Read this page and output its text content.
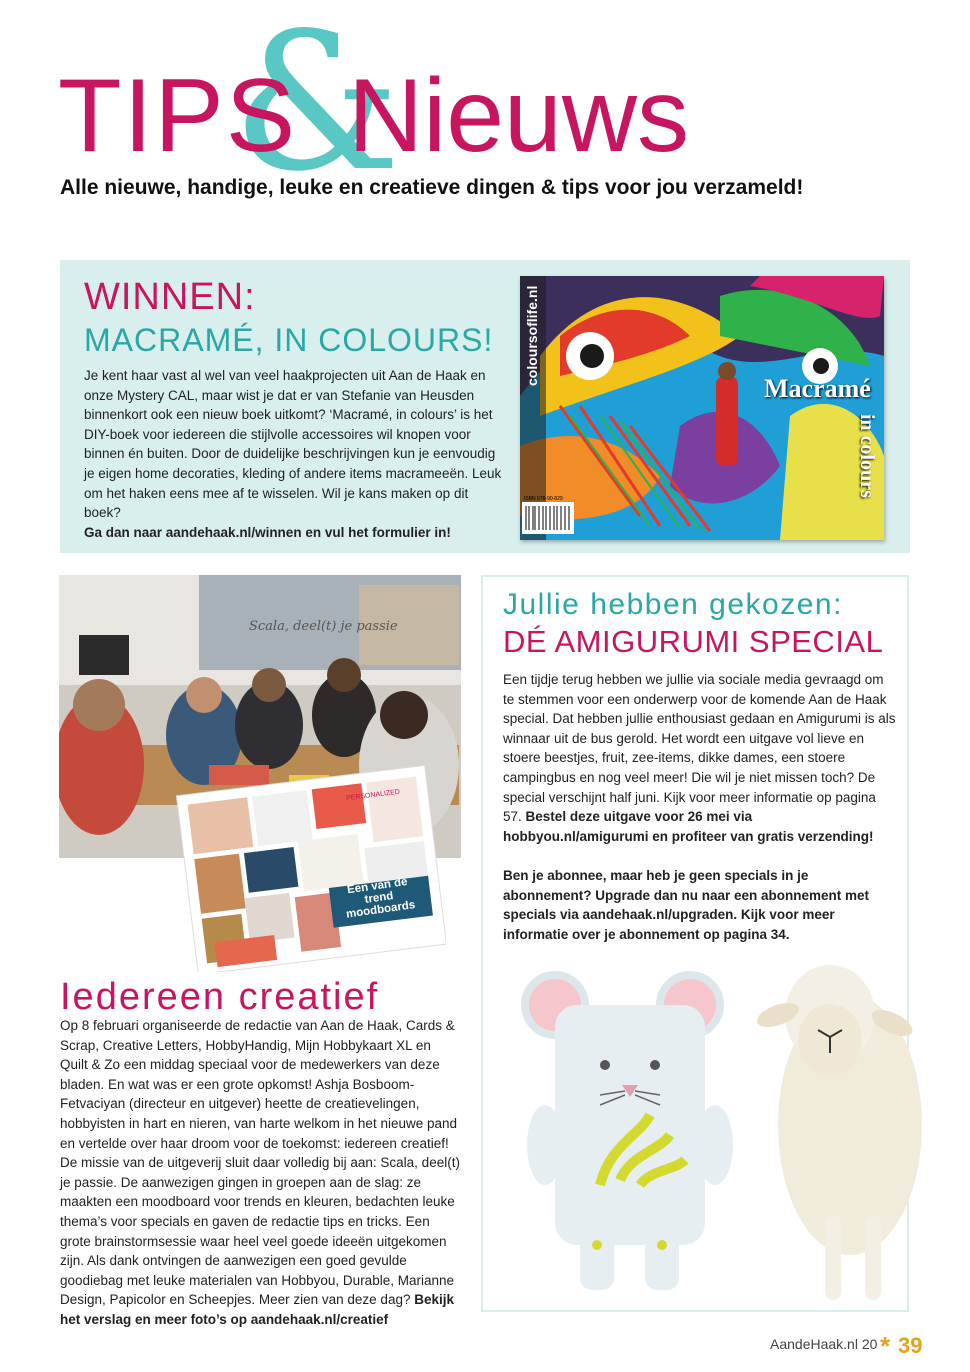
&
TIPS Nieuws
Alle nieuwe, handige, leuke en creatieve dingen & tips voor jou verzameld!
WINNEN:
MACRAMÉ, IN COLOURS!
Je kent haar vast al wel van veel haakprojecten uit Aan de Haak en onze Mystery CAL, maar wist je dat er van Stefanie van Heusden binnenkort ook een nieuw boek uitkomt? ‘Macramé, in colours’ is het DIY-boek voor iedereen die stijlvolle accessoires wil knopen voor binnen én buiten. Door de duidelijke beschrijvingen kun je eenvoudig je eigen home decoraties, kleding of andere items macrameeën. Leuk om het haken eens mee af te wisselen. Wil je kans maken op dit boek?
Ga dan naar aandehaak.nl/winnen en vul het formulier in!
coloursoflife.nl
Macramé
in colours
ISBN 978-90-829
Scala, deel(t) je passie
Een van de trend moodboards
PERSONALIZED
Jullie hebben gekozen:
DÉ AMIGURUMI SPECIAL
Een tijdje terug hebben we jullie via sociale media gevraagd om te stemmen voor een onderwerp voor de komende Aan de Haak special. Dat hebben jullie enthousiast gedaan en Amigurumi is als winnaar uit de bus gerold. Het wordt een uitgave vol lieve en stoere beestjes, fruit, zee-items, dikke dames, een stoere campingbus en nog veel meer! Die wil je niet missen toch? De special verschijnt half juni. Kijk voor meer informatie op pagina 57. Bestel deze uitgave voor 26 mei via hobbyou.nl/amigurumi en profiteer van gratis verzending!
Ben je abonnee, maar heb je geen specials in je abonnement? Upgrade dan nu naar een abonnement met specials via aandehaak.nl/upgraden. Kijk voor meer informatie over je abonnement op pagina 34.
Iedereen creatief
Op 8 februari organiseerde de redactie van Aan de Haak, Cards & Scrap, Creative Letters, HobbyHandig, Mijn Hobbykaart XL en Quilt & Zo een middag speciaal voor de medewerkers van deze bladen. En wat was er een grote opkomst! Ashja Bosboom-Fetvaciyan (directeur en uitgever) heette de creatievelingen, hobbyisten in hart en nieren, van harte welkom in het nieuwe pand en vertelde over haar droom voor de toekomst: iedereen creatief! De missie van de uitgeverij sluit daar volledig bij aan: Scala, deel(t) je passie. De aanwezigen gingen in groepen aan de slag: ze maakten een moodboard voor trends en kleuren, bedachten leuke thema’s voor specials en gaven de redactie tips en tricks. Een grote brainstormsessie waar heel veel goede ideeën uitgekomen zijn. Als dank ontvingen de aanwezigen een goed gevulde goodiebag met leuke materialen van Hobbyou, Durable, Marianne Design, Papicolor en Scheepjes. Meer zien van deze dag? Bekijk het verslag en meer foto’s op aandehaak.nl/creatief
AandeHaak.nl 20 * 39
